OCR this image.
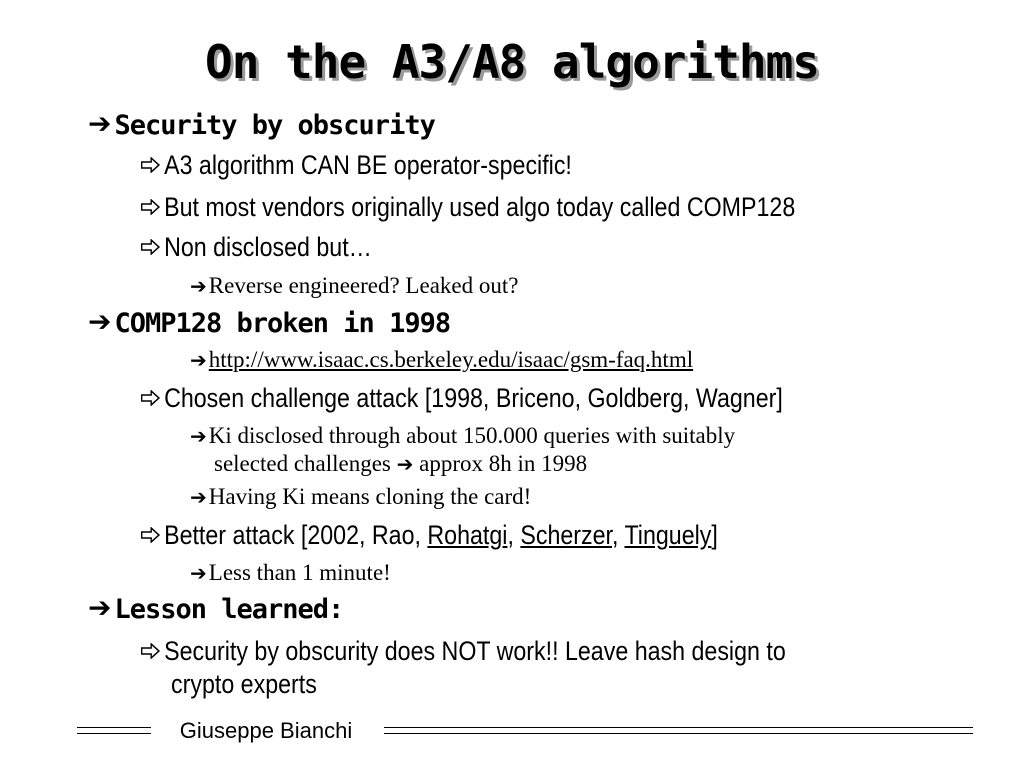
On the A3/A8 algorithms
➔ Security by obscurity
A3 algorithm CAN BE operator-specific!
But most vendors originally used algo today called COMP128
Non disclosed but…
➔Reverse engineered? Leaked out?
➔ COMP128 broken in 1998
➔http://www.isaac.cs.berkeley.edu/isaac/gsm-faq.html
Chosen challenge attack [1998, Briceno, Goldberg, Wagner]
➔Ki disclosed through about 150.000 queries with suitably
selected challenges ➔ approx 8h in 1998
➔Having Ki means cloning the card!
Better attack [2002, Rao, Rohatgi, Scherzer, Tinguely]
➔Less than 1 minute!
➔ Lesson learned:
Security by obscurity does NOT work!! Leave hash design to
crypto experts
Giuseppe Bianchi
